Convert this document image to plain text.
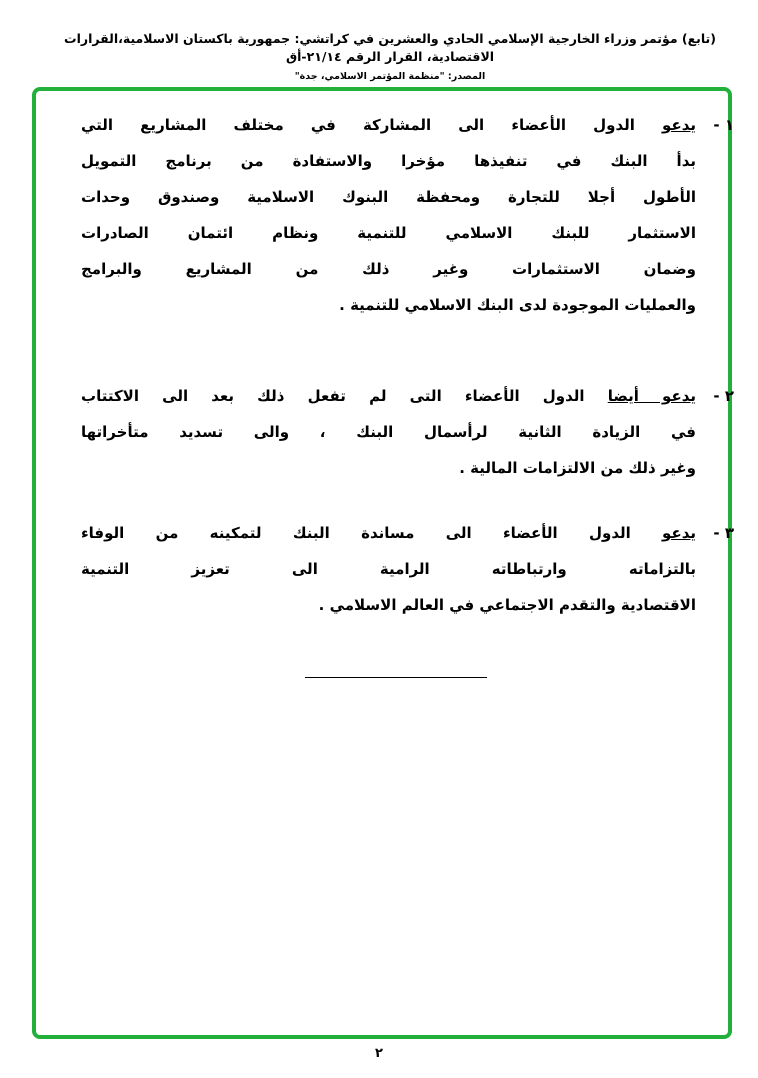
(تابع) مؤتمر وزراء الخارجية الإسلامي الحادي والعشرين في كراتشي: جمهورية باكستان الاسلامية،القرارات الاقتصادية، القرار الرقم ٢١/١٤-أق
المصدر: "منظمة المؤتمر الاسلامي، جدة"
١ -
يدعو الدول الأعضاء الى المشاركة في مختلف المشاريع التي
بدأ البنك في تنفيذها مؤخرا والاستفادة من برنامج التمويل
الأطول أجلا للتجارة ومحفظة البنوك الاسلامية وصندوق وحدات
الاستثمار للبنك الاسلامي للتنمية ونظام ائتمان الصادرات
وضمان الاستثمارات وغير ذلك من المشاريع والبرامج
والعمليات الموجودة لدى البنك الاسلامي للتنمية .
٢ -
يدعو أيضا الدول الأعضاء التى لم تفعل ذلك بعد الى الاكتتاب
في الزيادة الثانية لرأسمال البنك ، والى تسديد متأخراتها
وغير ذلك من الالتزامات المالية .
٣ -
يدعو الدول الأعضاء الى مساندة البنك لتمكينه من الوفاء
بالتزاماته وارتباطاته الرامية الى تعزيز التنمية
الاقتصادية والتقدم الاجتماعي في العالم الاسلامي .
٢
